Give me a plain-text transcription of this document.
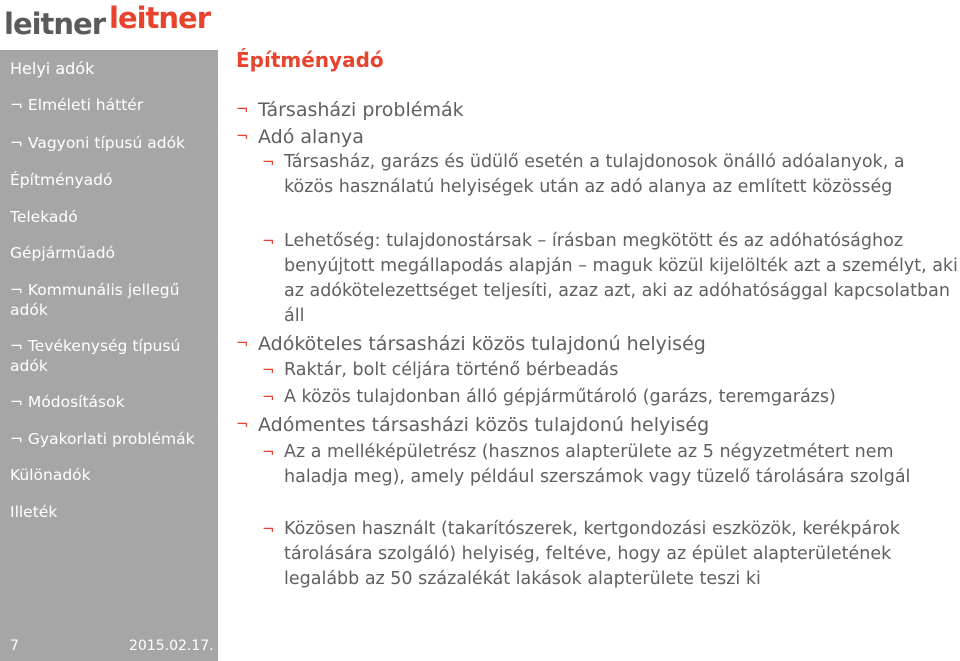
leitner leitner
Helyi adók
¬ Elméleti háttér
¬ Vagyoni típusú adók
Építményadó
Telekadó
Gépjárműadó
¬ Kommunális jellegű adók
¬ Tevékenység típusú adók
¬ Módosítások
¬ Gyakorlati problémák
Különadók
Illeték
7	2015.02.17.
Építményadó
¬ Társasházi problémák
¬ Adó alanya
¬ Társasház, garázs és üdülő esetén a tulajdonosok önálló adóalanyok, a közös használatú helyiségek után az adó alanya az említett közösség
¬ Lehetőség: tulajdonostársak – írásban megkötött és az adóhatósághoz benyújtott megállapodás alapján – maguk közül kijelölték azt a személyt, aki az adókötelezettséget teljesíti, azaz azt, aki az adóhatósággal kapcsolatban áll
¬ Adóköteles társasházi közös tulajdonú helyiség
¬ Raktár, bolt céljára történő bérbeadás
¬ A közös tulajdonban álló gépjárműtároló (garázs, teremgarázs)
¬ Adómentes társasházi közös tulajdonú helyiség
¬ Az a melléképületrész (hasznos alapterülete az 5 négyzetmétert nem haladja meg), amely például szerszámok vagy tüzelő tárolására szolgál
¬ Közösen használt (takarítószerek, kertgondozási eszközök, kerékpárok tárolására szolgáló) helyiség, feltéve, hogy az épület alapterületének legalább az 50 százalékát lakások alapterülete teszi ki
